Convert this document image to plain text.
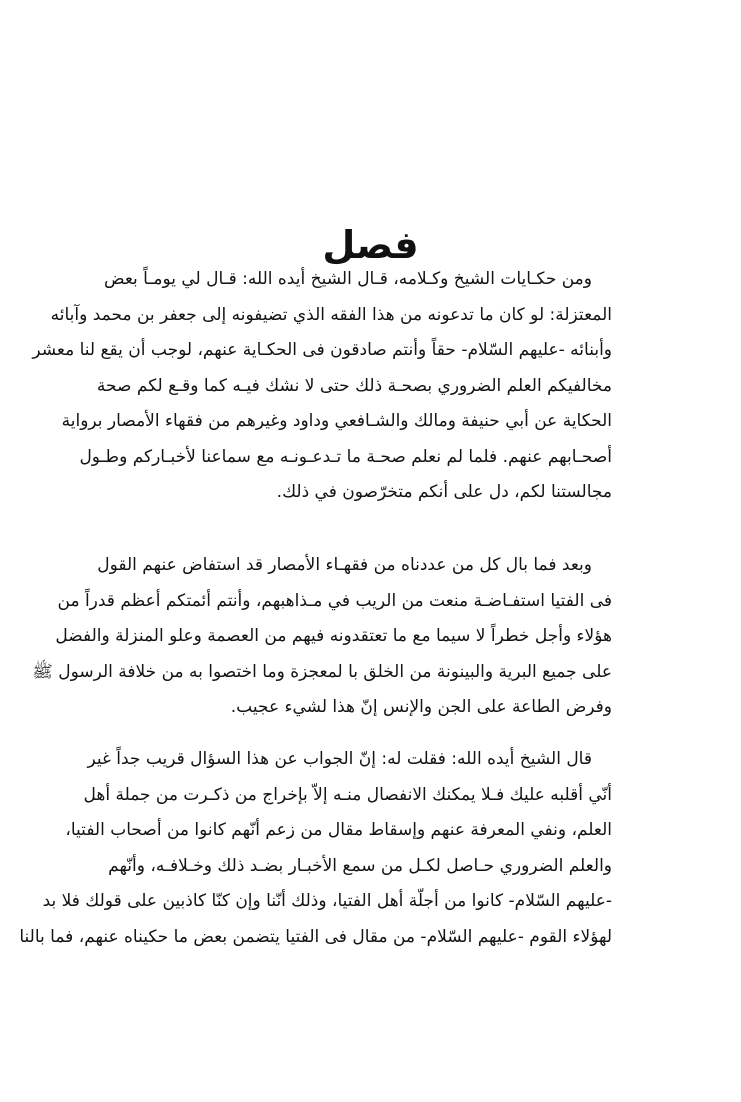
فصل
ومن حكـايات الشيخ وكـلامه، قـال الشيخ أيده الله: قـال لي يومـاً بعض
المعتزلة: لو كان ما تدعونه من هذا الفقه الذي تضيفونه إلى جعفر بن محمد وآبائه
وأبنائه -عليهم السّلام- حقاً وأنتم صادقون فى الحكـاية عنهم، لوجب أن يقع لنا معشر
مخالفيكم العلم الضروري بصحـة ذلك حتى لا نشك فيـه كما وقـع لكم صحة
الحكاية عن أبي حنيفة ومالك والشـافعي وداود وغيرهم من فقهاء الأمصار برواية
أصحـابهم عنهم. فلما لم نعلم صحـة ما تـدعـونـه مع سماعنا لأخبـاركم وطـول
مجالستنا لكم، دل على أنكم متخرّصون في ذلك.
وبعد فما بال كل من عددناه من فقهـاء الأمصار قد استفاض عنهم القول
فى الفتيا استفـاضـة منعت من الريب في مـذاهبهم، وأنتم أئمتكم أعظم قدراً من
هؤلاء وأجل خطراً لا سيما مع ما تعتقدونه فيهم من العصمة وعلو المنزلة والفضل
على جميع البرية والبينونة من الخلق با لمعجزة وما اختصوا به من خلافة الرسول ﷺ
وفرض الطاعة على الجن والإنس إنّ هذا لشيء عجيب.
قال الشيخ أيده الله: فقلت له: إنّ الجواب عن هذا السؤال قريب جداً غير
أنّي أقلبه عليك فـلا يمكنك الانفصال منـه إلاّ بإخراج من ذكـرت من جملة أهل
العلم، ونفي المعرفة عنهم وإسقاط مقال من زعم أنّهم كانوا من أصحاب الفتيا،
والعلم الضروري حـاصل لكـل من سمع الأخبـار بضـد ذلك وخـلافـه، وأنّهم
-عليهم السّلام- كانوا من أجلّة أهل الفتيا، وذلك أنّنا وإن كنّا كاذبين على قولك فلا بد
لهؤلاء القوم -عليهم السّلام- من مقال فى الفتيا يتضمن بعض ما حكيناه عنهم، فما بالنا
